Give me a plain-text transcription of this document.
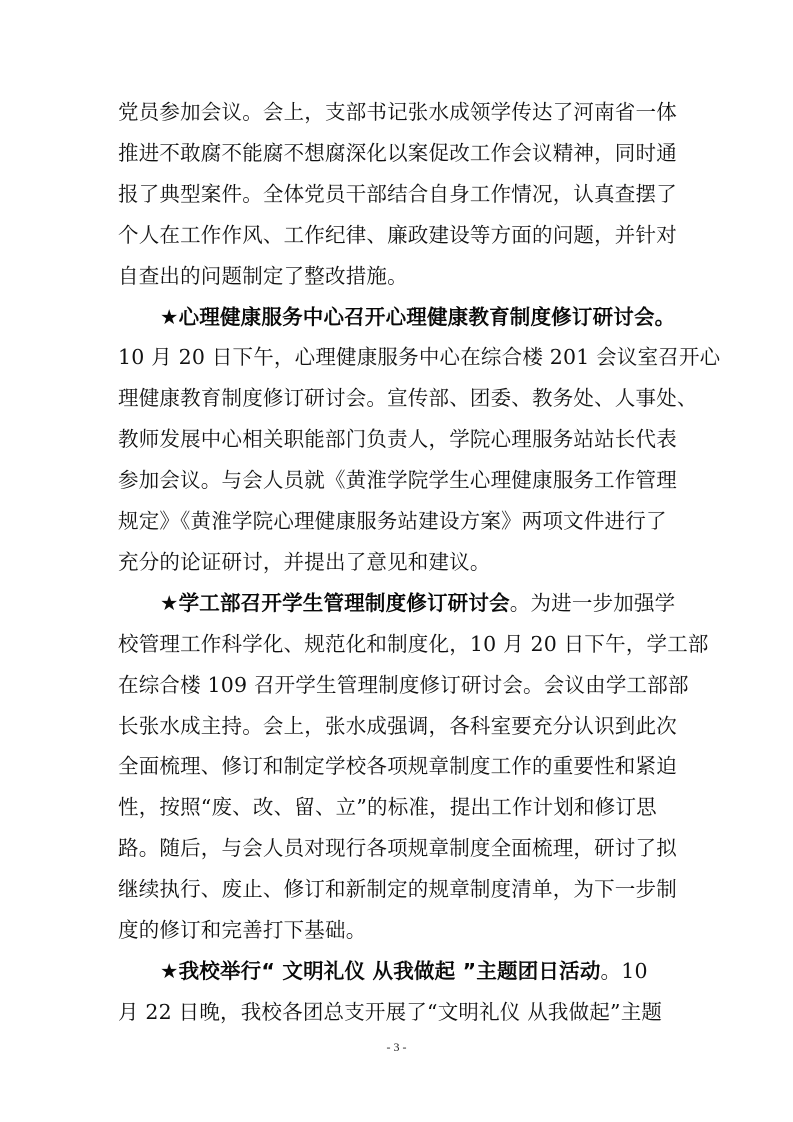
党员参加会议。会上，支部书记张水成领学传达了河南省一体
推进不敢腐不能腐不想腐深化以案促改工作会议精神，同时通
报了典型案件。全体党员干部结合自身工作情况，认真查摆了
个人在工作作风、工作纪律、廉政建设等方面的问题，并针对
自查出的问题制定了整改措施。
★心理健康服务中心召开心理健康教育制度修订研讨会。
10 月 20 日下午，心理健康服务中心在综合楼 201 会议室召开心
理健康教育制度修订研讨会。宣传部、团委、教务处、人事处、
教师发展中心相关职能部门负责人，学院心理服务站站长代表
参加会议。与会人员就《黄淮学院学生心理健康服务工作管理
规定》《黄淮学院心理健康服务站建设方案》两项文件进行了
充分的论证研讨，并提出了意见和建议。
★学工部召开学生管理制度修订研讨会。为进一步加强学
校管理工作科学化、规范化和制度化，10 月 20 日下午，学工部
在综合楼 109 召开学生管理制度修订研讨会。会议由学工部部
长张水成主持。会上，张水成强调，各科室要充分认识到此次
全面梳理、修订和制定学校各项规章制度工作的重要性和紧迫
性，按照“废、改、留、立”的标准，提出工作计划和修订思
路。随后，与会人员对现行各项规章制度全面梳理，研讨了拟
继续执行、废止、修订和新制定的规章制度清单，为下一步制
度的修订和完善打下基础。
★我校举行“ 文明礼仪 从我做起 ”主题团日活动。10
月 22 日晚，我校各团总支开展了“文明礼仪 从我做起”主题
- 3 -
